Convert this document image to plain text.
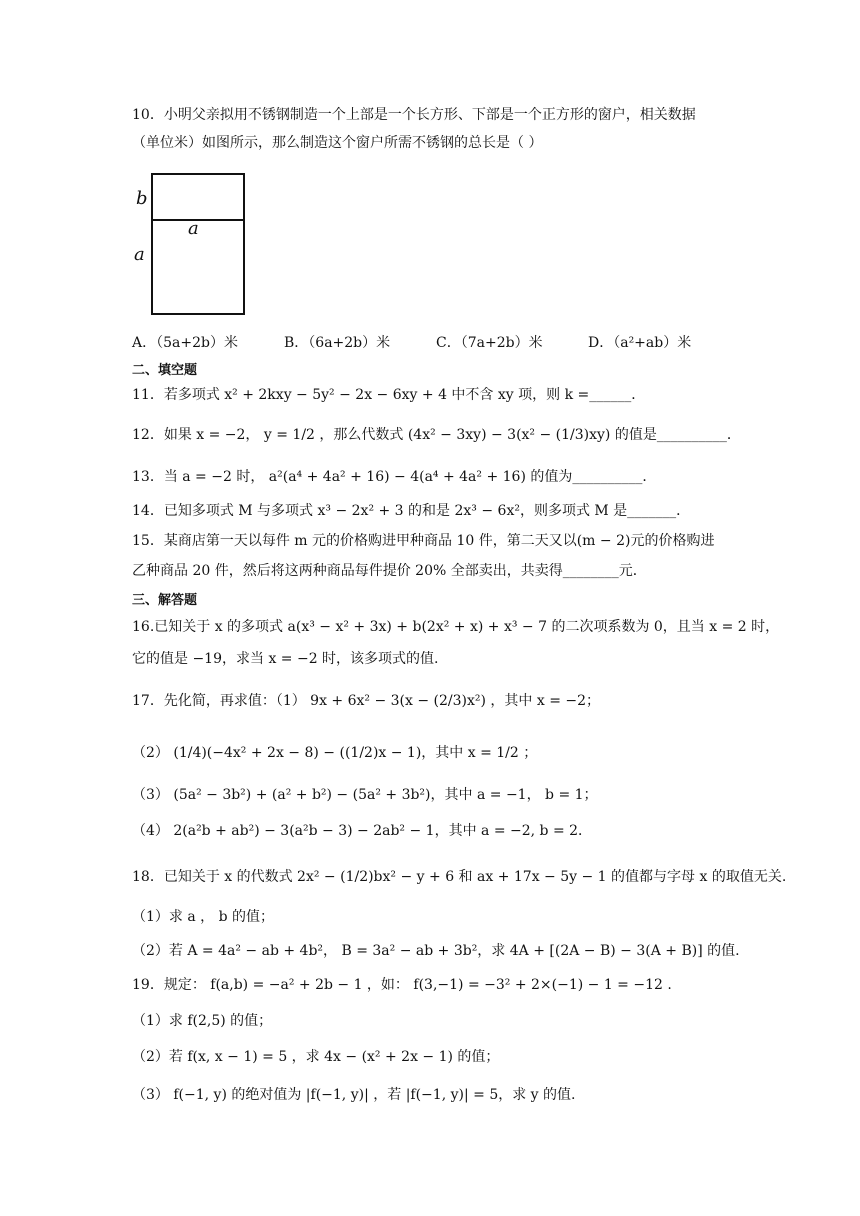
10．小明父亲拟用不锈钢制造一个上部是一个长方形、下部是一个正方形的窗户，相关数据
（单位米）如图所示，那么制造这个窗户所需不锈钢的总长是（ ）
b
a
a
A．（5a+2b）米	B．（6a+2b）米	C．（7a+2b）米	D．（a²+ab）米
二、填空题
11．若多项式 x² + 2kxy − 5y² − 2x − 6xy + 4 中不含 xy 项，则 k =______．
12．如果 x = −2， y = 1/2 ，那么代数式 (4x² − 3xy) − 3(x² − (1/3)xy) 的值是__________．
13．当 a = −2 时， a²(a⁴ + 4a² + 16) − 4(a⁴ + 4a² + 16) 的值为__________．
14．已知多项式 M 与多项式 x³ − 2x² + 3 的和是 2x³ − 6x²，则多项式 M 是_______．
15．某商店第一天以每件 m 元的价格购进甲种商品 10 件，第二天又以(m − 2)元的价格购进
乙种商品 20 件，然后将这两种商品每件提价 20% 全部卖出，共卖得________元．
三、解答题
16.已知关于 x 的多项式 a(x³ − x² + 3x) + b(2x² + x) + x³ − 7 的二次项系数为 0，且当 x = 2 时，
它的值是 −19，求当 x = −2 时，该多项式的值.
17．先化简，再求值：（1） 9x + 6x² − 3(x − (2/3)x²) ，其中 x = −2；
（2） (1/4)(−4x² + 2x − 8) − ((1/2)x − 1)，其中 x = 1/2 ；
（3） (5a² − 3b²) + (a² + b²) − (5a² + 3b²)，其中 a = −1， b = 1；
（4） 2(a²b + ab²) − 3(a²b − 3) − 2ab² − 1，其中 a = −2, b = 2．
18．已知关于 x 的代数式 2x² − (1/2)bx² − y + 6 和 ax + 17x − 5y − 1 的值都与字母 x 的取值无关.
（1）求 a ， b 的值；
（2）若 A = 4a² − ab + 4b²， B = 3a² − ab + 3b²，求 4A + [(2A − B) − 3(A + B)] 的值.
19．规定： f(a,b) = −a² + 2b − 1 ，如： f(3,−1) = −3² + 2×(−1) − 1 = −12 .
（1）求 f(2,5) 的值；
（2）若 f(x, x − 1) = 5 ，求 4x − (x² + 2x − 1) 的值；
（3） f(−1, y) 的绝对值为 |f(−1, y)| ，若 |f(−1, y)| = 5，求 y 的值.
